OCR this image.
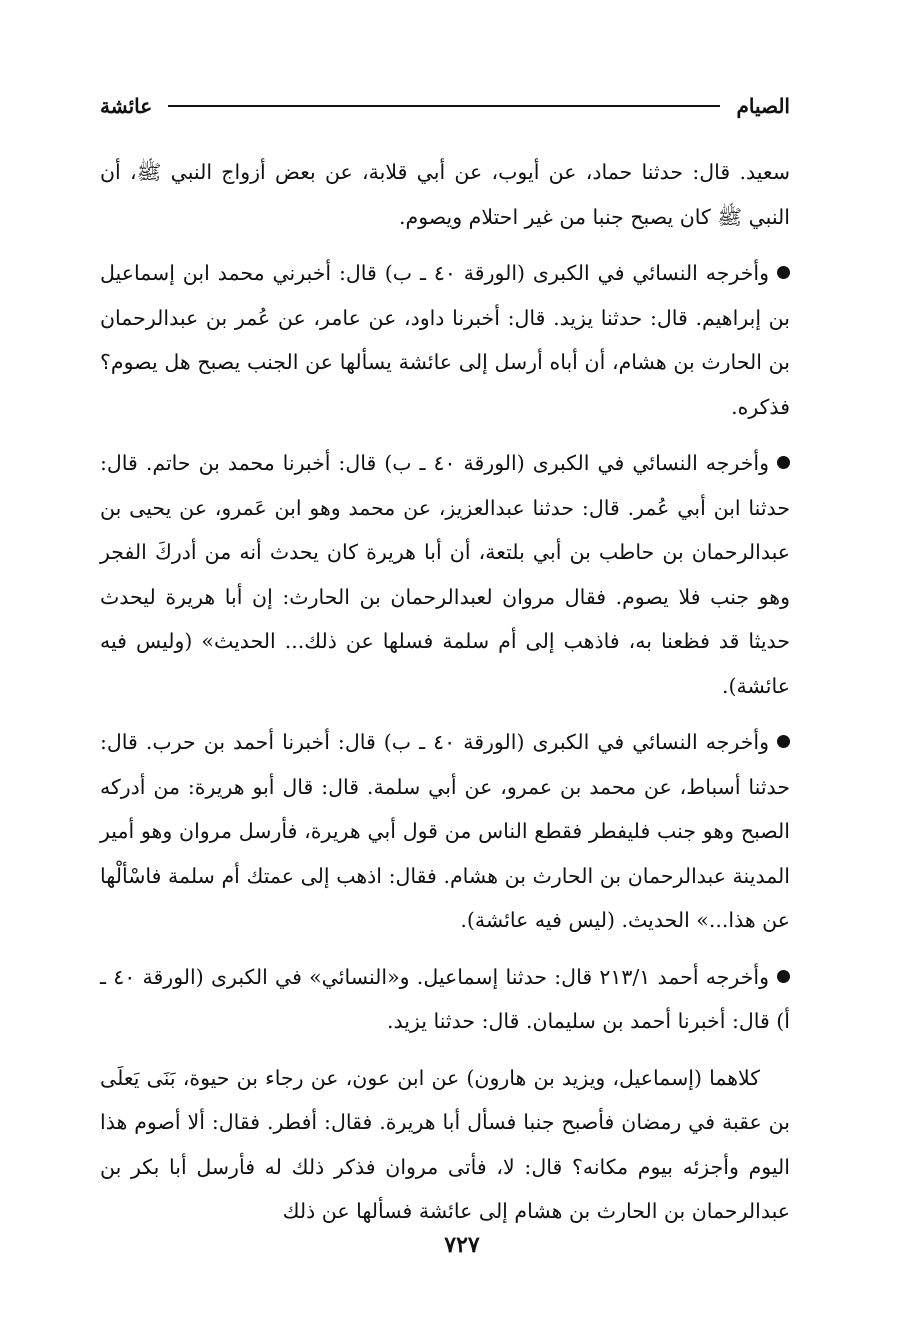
الصيام
عائشة

سعيد. قال: حدثنا حماد، عن أيوب، عن أبي قلابة، عن بعض أزواج النبي ﷺ، أن النبي ﷺ كان يصبح جنبا من غير احتلام ويصوم.

وأخرجه النسائي في الكبرى (الورقة ٤٠ ـ ب) قال: أخبرني محمد ابن إسماعيل بن إبراهيم. قال: حدثنا يزيد. قال: أخبرنا داود، عن عامر، عن عُمر بن عبدالرحمان بن الحارث بن هشام، أن أباه أرسل إلى عائشة يسألها عن الجنب يصبح هل يصوم؟ فذكره.

وأخرجه النسائي في الكبرى (الورقة ٤٠ ـ ب) قال: أخبرنا محمد بن حاتم. قال: حدثنا ابن أبي عُمر. قال: حدثنا عبدالعزيز، عن محمد وهو ابن عَمرو، عن يحيى بن عبدالرحمان بن حاطب بن أبي بلتعة، أن أبا هريرة كان يحدث أنه من أدركَ الفجر وهو جنب فلا يصوم. فقال مروان لعبدالرحمان بن الحارث: إن أبا هريرة ليحدث حديثا قد فظعنا به، فاذهب إلى أم سلمة فسلها عن ذلك... الحديث» (وليس فيه عائشة).

وأخرجه النسائي في الكبرى (الورقة ٤٠ ـ ب) قال: أخبرنا أحمد بن حرب. قال: حدثنا أسباط، عن محمد بن عمرو، عن أبي سلمة. قال: قال أبو هريرة: من أدركه الصبح وهو جنب فليفطر فقطع الناس من قول أبي هريرة، فأرسل مروان وهو أمير المدينة عبدالرحمان بن الحارث بن هشام. فقال: اذهب إلى عمتك أم سلمة فاسْألْها عن هذا...» الحديث. (ليس فيه عائشة).

وأخرجه أحمد ٢١٣/١ قال: حدثنا إسماعيل. و«النسائي» في الكبرى (الورقة ٤٠ ـ أ) قال: أخبرنا أحمد بن سليمان. قال: حدثنا يزيد.

كلاهما (إسماعيل، ويزيد بن هارون) عن ابن عون، عن رجاء بن حيوة، بَنَى يَعلَى بن عقبة في رمضان فأصبح جنبا فسأل أبا هريرة. فقال: أفطر. فقال: ألا أصوم هذا اليوم وأجزئه بيوم مكانه؟ قال: لا، فأتى مروان فذكر ذلك له فأرسل أبا بكر بن عبدالرحمان بن الحارث بن هشام إلى عائشة فسألها عن ذلك

٧٢٧
